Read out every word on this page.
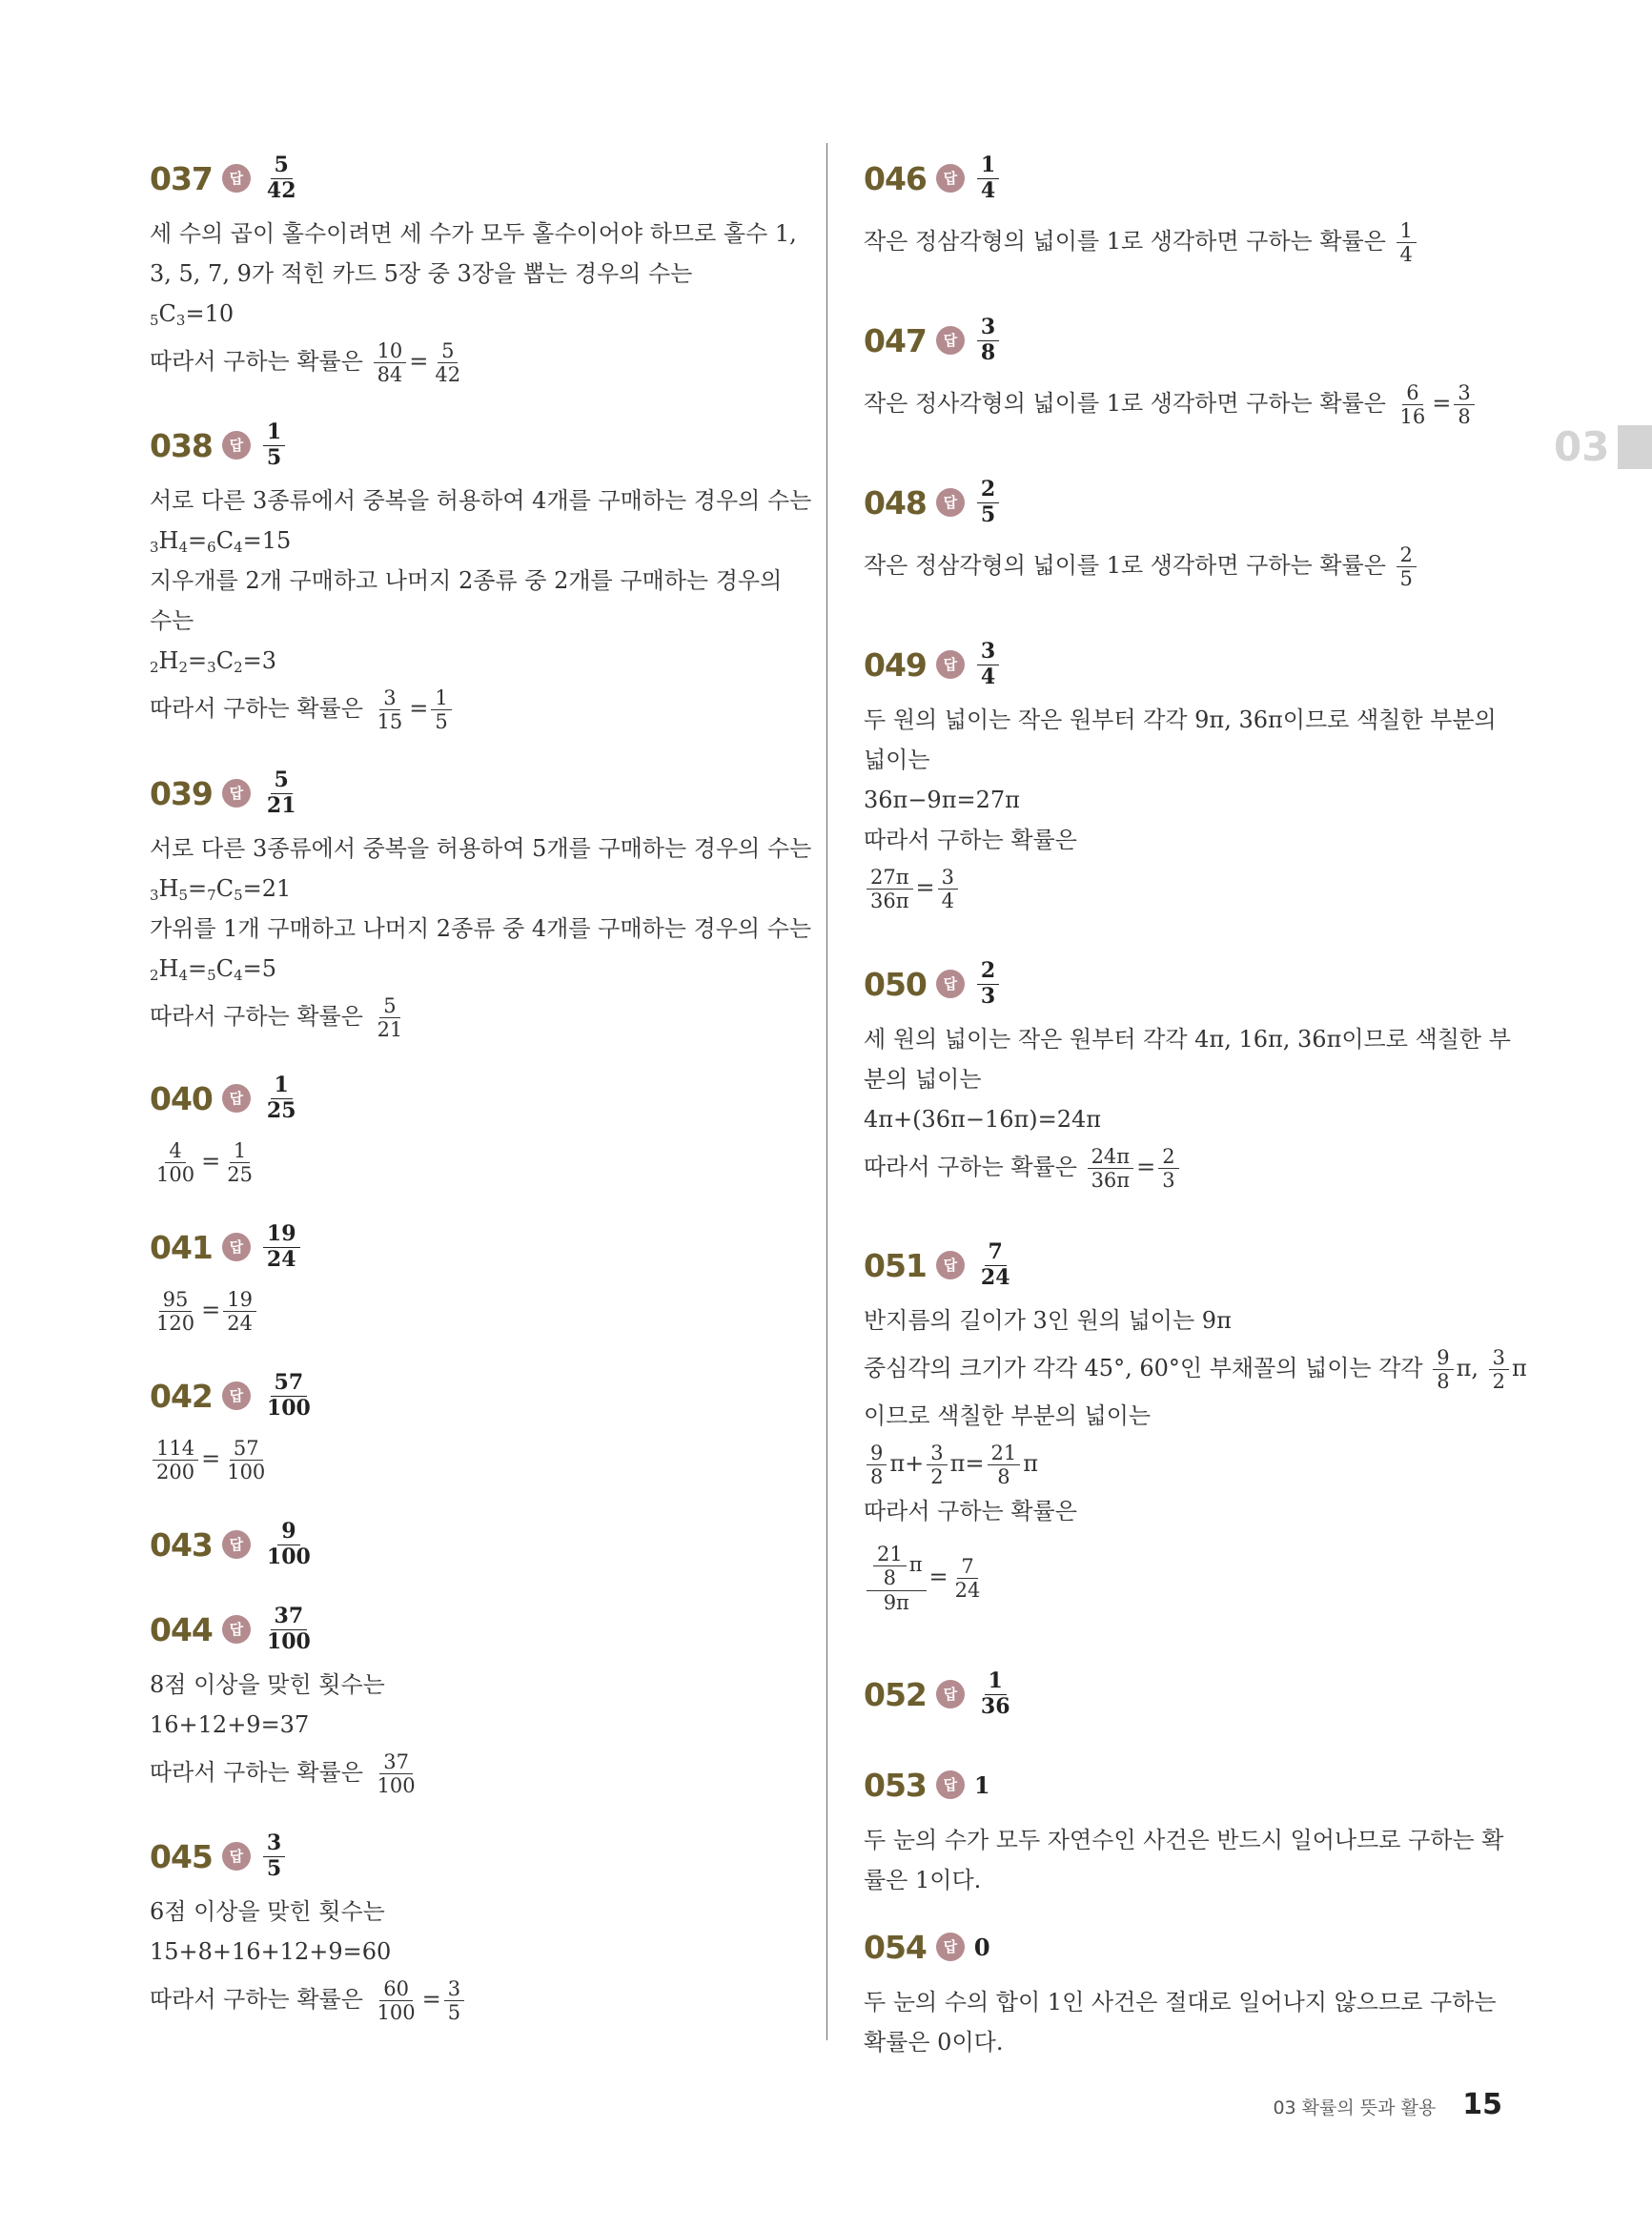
03
037	답 $\frac{5}{42}$
세 수의 곱이 홀수이려면 세 수가 모두 홀수이어야 하므로 홀수 1,
3, 5, 7, 9가 적힌 카드 5장 중 3장을 뽑는 경우의 수는
$5C_3=10$
따라서 구하는 확률은 $\frac{10}{84} = \frac{5}{42}$
038	답 $\frac{1}{5}$
서로 다른 3종류에서 중복을 허용하여 4개를 구매하는 경우의 수는
$3H_4=6C_4=15$
지우개를 2개 구매하고 나머지 2종류 중 2개를 구매하는 경우의
수는
$2H_2=3C_2=3$
따라서 구하는 확률은 $\frac{3}{15} = \frac{1}{5}$
039	답 $\frac{5}{21}$
서로 다른 3종류에서 중복을 허용하여 5개를 구매하는 경우의 수는
$3H_5=7C_5=21$
가위를 1개 구매하고 나머지 2종류 중 4개를 구매하는 경우의 수는
$2H_4=5C_4=5$
따라서 구하는 확률은 $\frac{5}{21}$
040	답 $\frac{1}{25}$
$\frac{4}{100} = \frac{1}{25}$
041	답 $\frac{19}{24}$
$\frac{95}{120} = \frac{19}{24}$
042	답 $\frac{57}{100}$
$\frac{114}{200} = \frac{57}{100}$
043	답 $\frac{9}{100}$
044	답 $\frac{37}{100}$
8점 이상을 맞힌 횟수는
16+12+9=37
따라서 구하는 확률은 $\frac{37}{100}$
045	답 $\frac{3}{5}$
6점 이상을 맞힌 횟수는
15+8+16+12+9=60
따라서 구하는 확률은 $\frac{60}{100} = \frac{3}{5}$
046	답 $\frac{1}{4}$
작은 정삼각형의 넓이를 1로 생각하면 구하는 확률은 $\frac{1}{4}$
047	답 $\frac{3}{8}$
작은 정사각형의 넓이를 1로 생각하면 구하는 확률은 $\frac{6}{16} = \frac{3}{8}$
048	답 $\frac{2}{5}$
작은 정삼각형의 넓이를 1로 생각하면 구하는 확률은 $\frac{2}{5}$
049	답 $\frac{3}{4}$
두 원의 넓이는 작은 원부터 각각 9π, 36π이므로 색칠한 부분의
넓이는
36π−9π=27π
따라서 구하는 확률은
$\frac{27\pi}{36\pi} = \frac{3}{4}$
050	답 $\frac{2}{3}$
세 원의 넓이는 작은 원부터 각각 4π, 16π, 36π이므로 색칠한 부
분의 넓이는
4π+(36π−16π)=24π
따라서 구하는 확률은 $\frac{24\pi}{36\pi} = \frac{2}{3}$
051	답 $\frac{7}{24}$
반지름의 길이가 3인 원의 넓이는 9π
중심각의 크기가 각각 45°, 60°인 부채꼴의 넓이는 각각 $\frac{9}{8} \pi$, $\frac{3}{2}$ π
이므로 색칠한 부분의 넓이는
$\frac{9}{8} \pi+ \frac{3}{2} \pi= \frac{21}{8}$ π
따라서 구하는 확률은
$\frac{\frac{21}{8} \pi}{9\pi} = \frac{7}{24}$
052	답 $\frac{1}{36}$
053	답 1
두 눈의 수가 모두 자연수인 사건은 반드시 일어나므로 구하는 확
률은 1이다.
054	답 0
두 눈의 수의 합이 1인 사건은 절대로 일어나지 않으므로 구하는
확률은 0이다.
03 확률의 뜻과 활용 15
